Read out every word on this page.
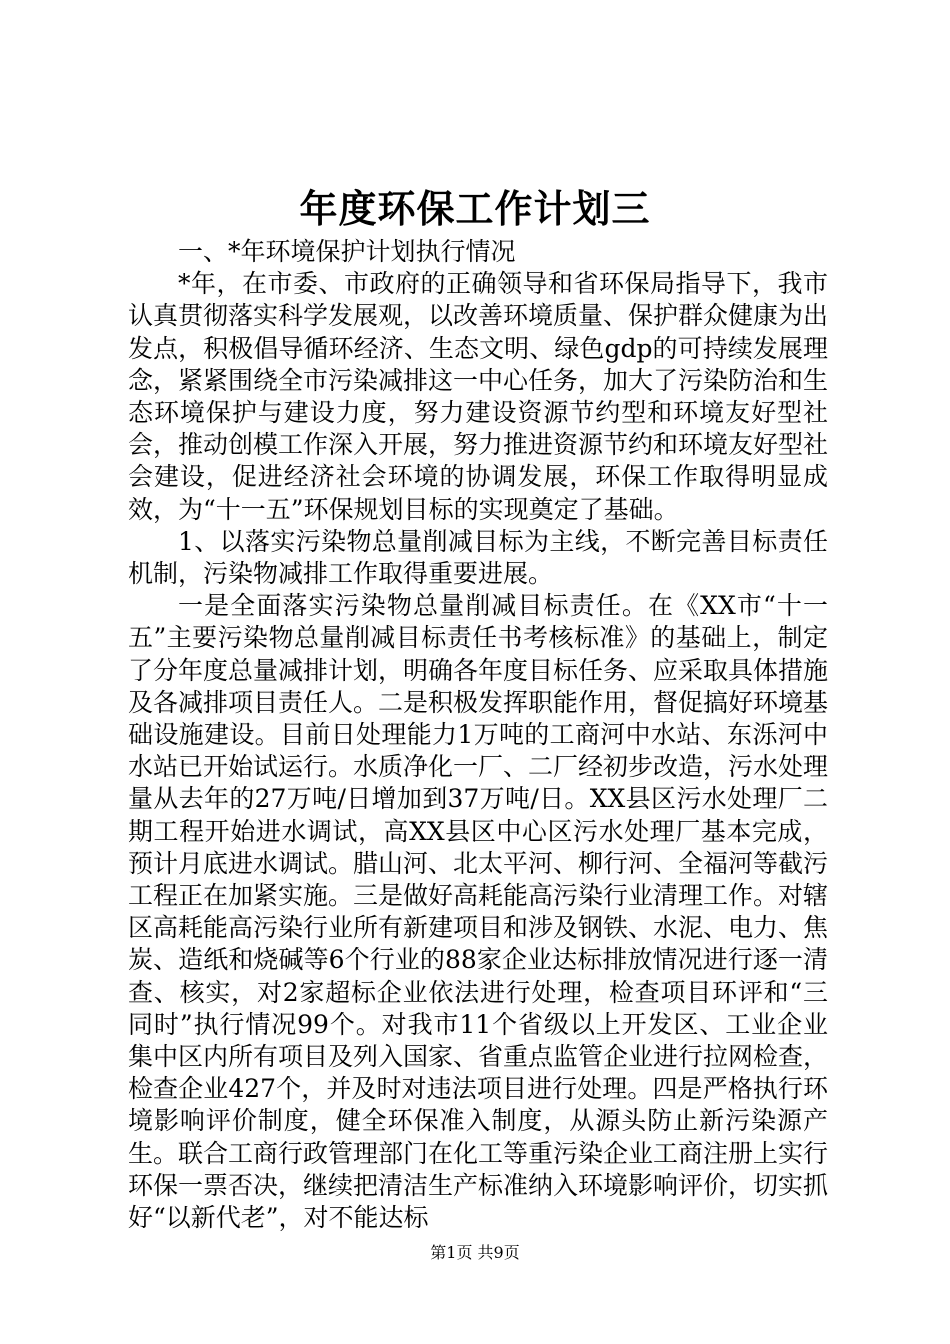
年度环保工作计划三

一、*年环境保护计划执行情况

*年，在市委、市政府的正确领导和省环保局指导下，我市认真贯彻落实科学发展观，以改善环境质量、保护群众健康为出发点，积极倡导循环经济、生态文明、绿色gdp的可持续发展理念，紧紧围绕全市污染减排这一中心任务，加大了污染防治和生态环境保护与建设力度，努力建设资源节约型和环境友好型社会，推动创模工作深入开展，努力推进资源节约和环境友好型社会建设，促进经济社会环境的协调发展，环保工作取得明显成效，为“十一五”环保规划目标的实现奠定了基础。

1、以落实污染物总量削减目标为主线，不断完善目标责任机制，污染物减排工作取得重要进展。

一是全面落实污染物总量削减目标责任。在《XX市“十一五”主要污染物总量削减目标责任书考核标准》的基础上，制定了分年度总量减排计划，明确各年度目标任务、应采取具体措施及各减排项目责任人。二是积极发挥职能作用，督促搞好环境基础设施建设。目前日处理能力1万吨的工商河中水站、东泺河中水站已开始试运行。水质净化一厂、二厂经初步改造，污水处理量从去年的27万吨/日增加到37万吨/日。XX县区污水处理厂二期工程开始进水调试，高XX县区中心区污水处理厂基本完成，预计月底进水调试。腊山河、北太平河、柳行河、全福河等截污工程正在加紧实施。三是做好高耗能高污染行业清理工作。对辖区高耗能高污染行业所有新建项目和涉及钢铁、水泥、电力、焦炭、造纸和烧碱等6个行业的88家企业达标排放情况进行逐一清查、核实，对2家超标企业依法进行处理，检查项目环评和“三同时”执行情况99个。对我市11个省级以上开发区、工业企业集中区内所有项目及列入国家、省重点监管企业进行拉网检查，检查企业427个，并及时对违法项目进行处理。四是严格执行环境影响评价制度，健全环保准入制度，从源头防止新污染源产生。联合工商行政管理部门在化工等重污染企业工商注册上实行环保一票否决，继续把清洁生产标准纳入环境影响评价，切实抓好“以新代老”，对不能达标

第1页 共9页
